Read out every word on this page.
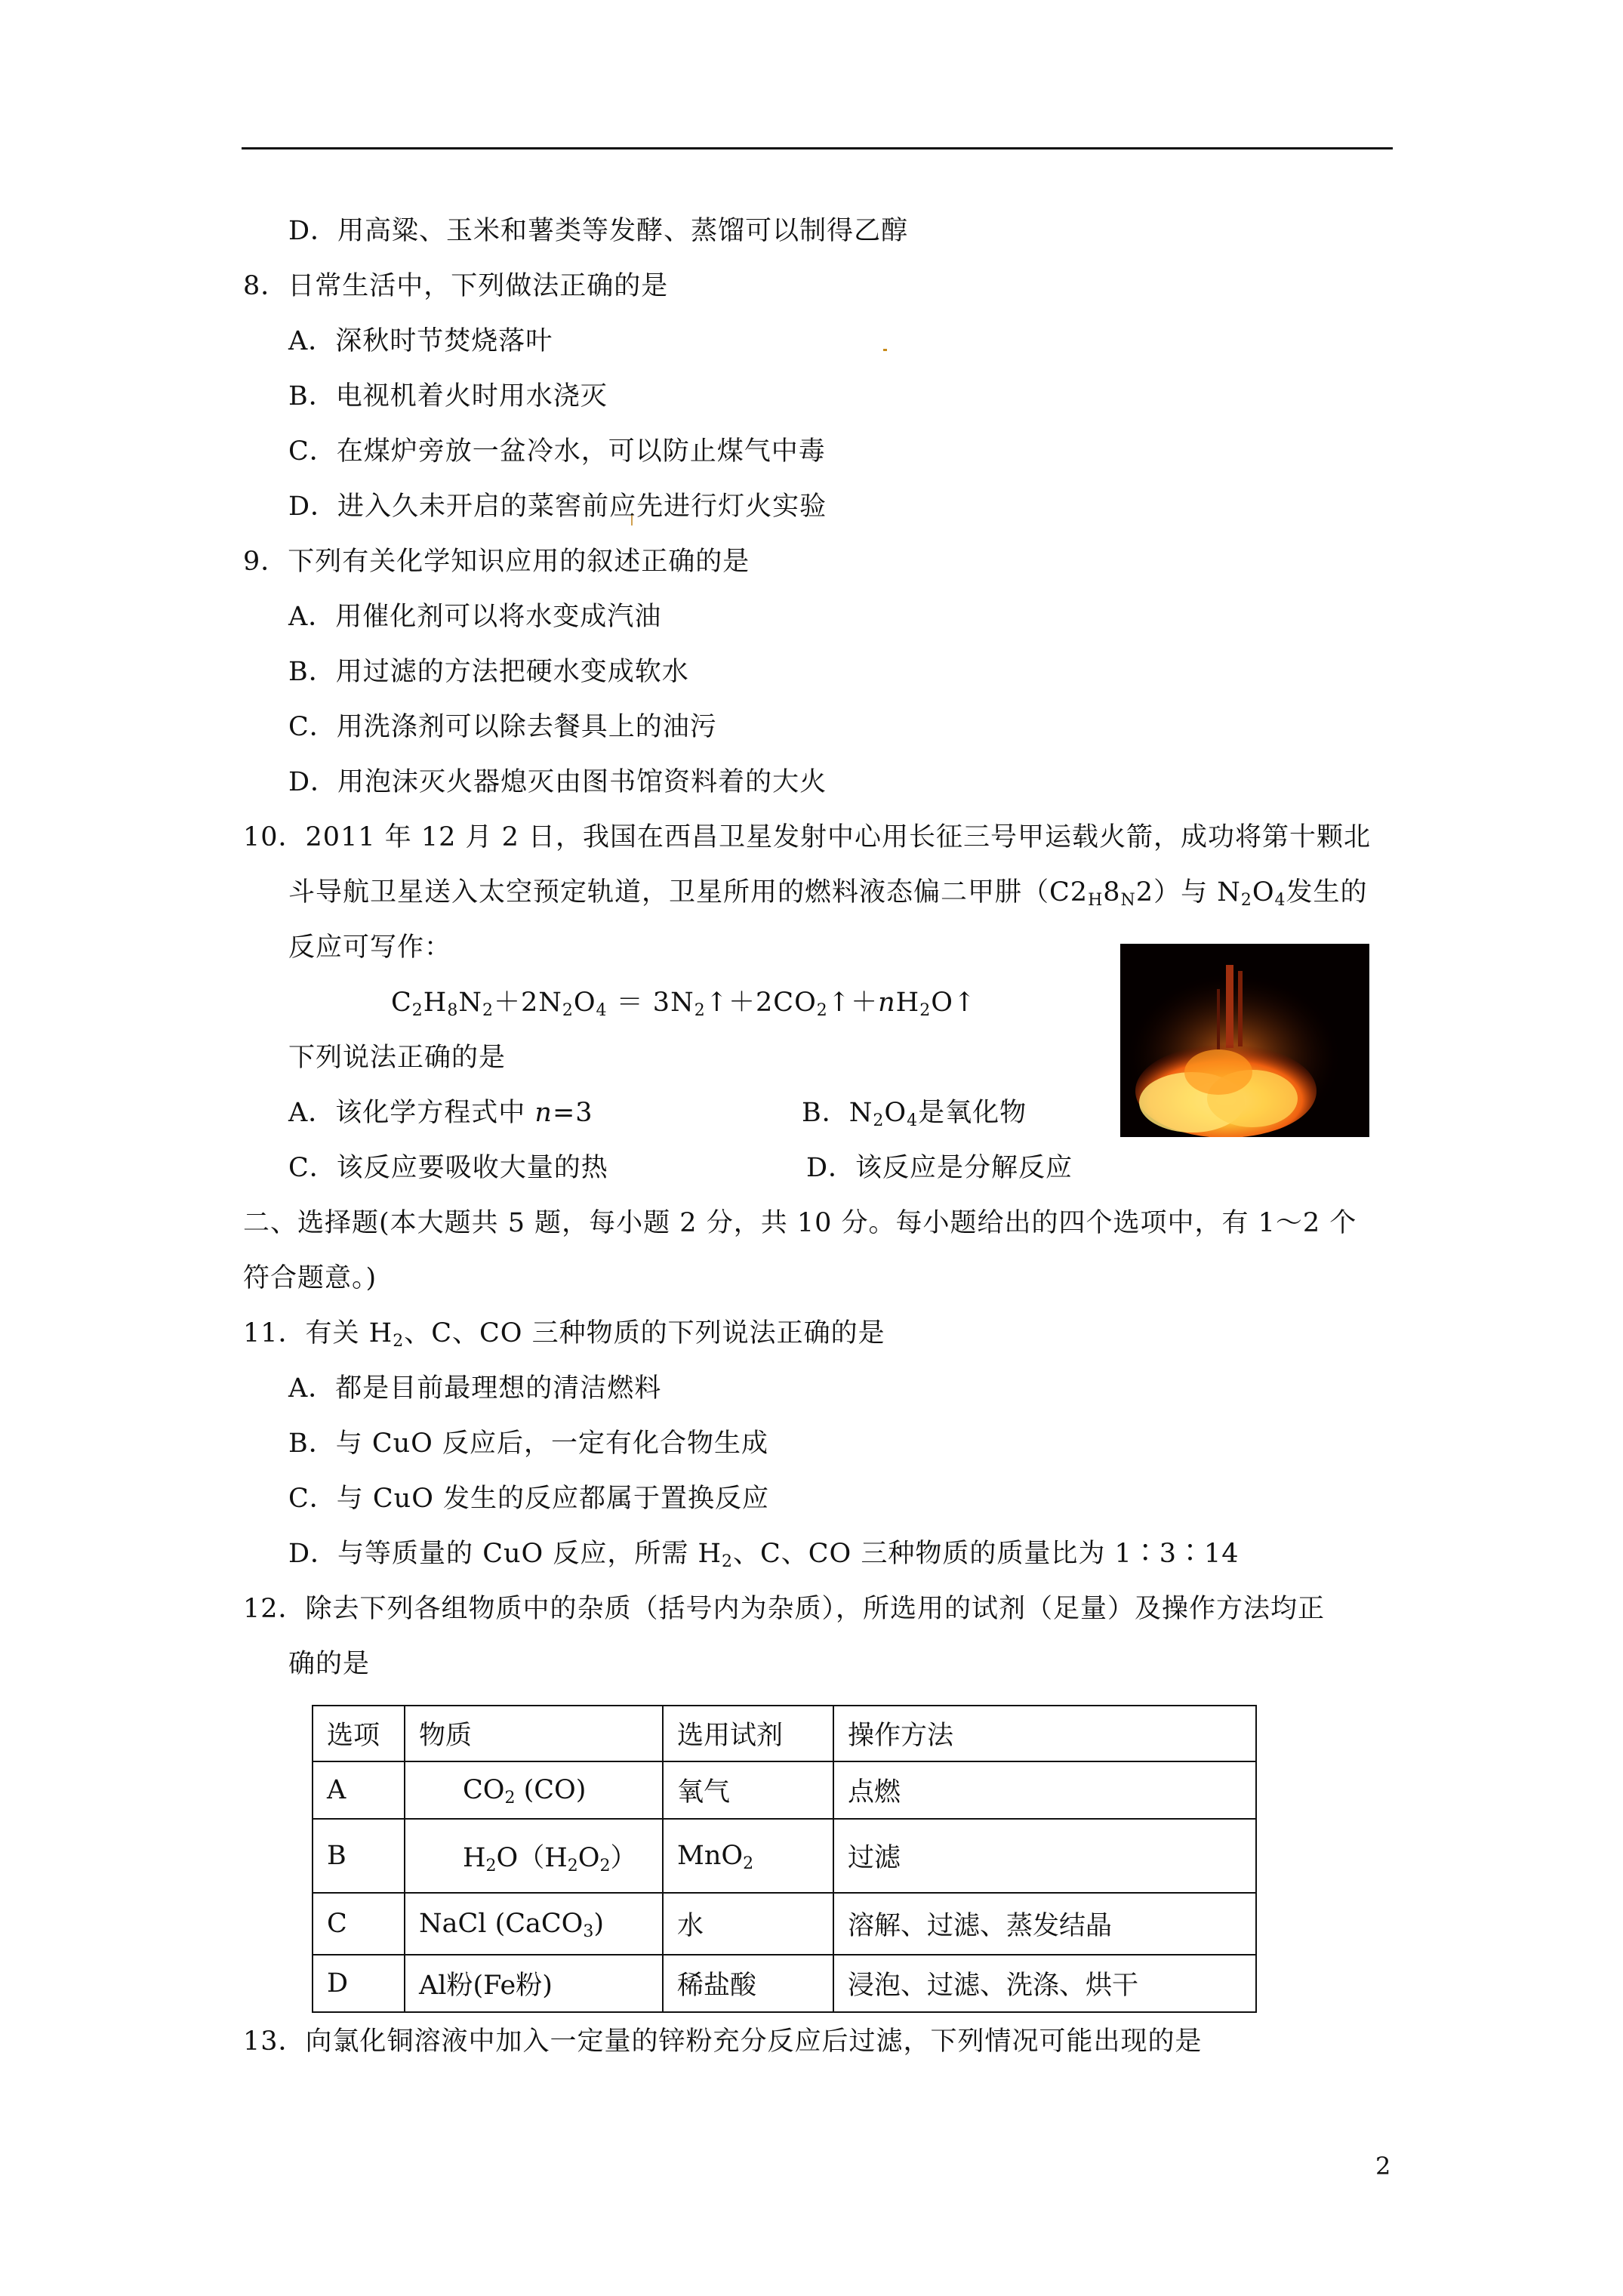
D．用高粱、玉米和薯类等发酵、蒸馏可以制得乙醇
8．日常生活中，下列做法正确的是
A．深秋时节焚烧落叶
B．电视机着火时用水浇灭
C．在煤炉旁放一盆冷水，可以防止煤气中毒
D．进入久未开启的菜窖前应先进行灯火实验
9．下列有关化学知识应用的叙述正确的是
A．用催化剂可以将水变成汽油
B．用过滤的方法把硬水变成软水
C．用洗涤剂可以除去餐具上的油污
D．用泡沫灭火器熄灭由图书馆资料着的大火
10．2011 年 12 月 2 日，我国在西昌卫星发射中心用长征三号甲运载火箭，成功将第十颗北
斗导航卫星送入太空预定轨道，卫星所用的燃料液态偏二甲肼$(C2_H8_N2)$与 $N_2O_4$发生的
反应可写作：
$C_2H_8N_2+2N_2O_4$ ＝ $3N_2↑+2CO_2↑+nH_2O↑$
下列说法正确的是
A．该化学方程式中 n=3	B．$N_2O_4$是氧化物
C．该反应要吸收大量的热	D．该反应是分解反应
二、选择题(本大题共 5 题，每小题 2 分，共 10 分。每小题给出的四个选项中，有 1～2 个
符合题意。)
11．有关 $H_2$、C、CO 三种物质的下列说法正确的是
A．都是目前最理想的清洁燃料
B．与 CuO 反应后，一定有化合物生成
C．与 CuO 发生的反应都属于置换反应
D．与等质量的 CuO 反应，所需 $H_2$、C、CO 三种物质的质量比为 1∶3∶14
12．除去下列各组物质中的杂质（括号内为杂质），所选用的试剂（足量）及操作方法均正
确的是
选项	物质	选用试剂	操作方法
A	$CO_2$ (CO)	氧气	点燃
B	$H_2O(H_2O_2)$	MnO$_2$	过滤
C	NaCl (CaCO$_3$)	水	溶解、过滤、蒸发结晶
D	Al粉(Fe粉)	稀盐酸	浸泡、过滤、洗涤、烘干
13．向氯化铜溶液中加入一定量的锌粉充分反应后过滤，下列情况可能出现的是
2
